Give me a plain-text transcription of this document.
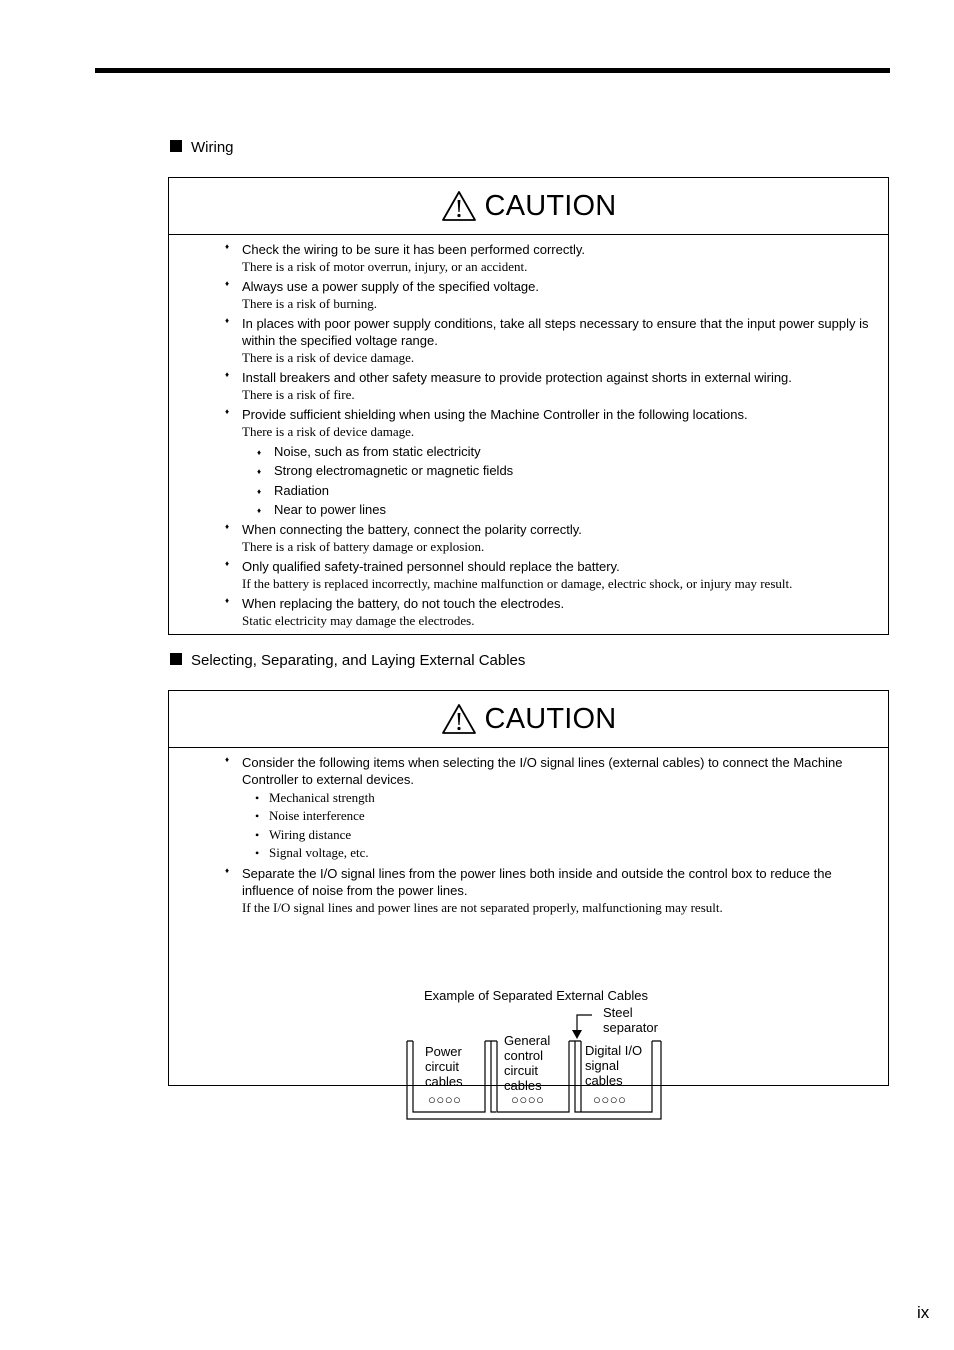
Wiring
CAUTION
♦ Check the wiring to be sure it has been performed correctly.
There is a risk of motor overrun, injury, or an accident.
♦ Always use a power supply of the specified voltage.
There is a risk of burning.
♦ In places with poor power supply conditions, take all steps necessary to ensure that the input power supply is within the specified voltage range.
There is a risk of device damage.
♦ Install breakers and other safety measure to provide protection against shorts in external wiring.
There is a risk of fire.
♦ Provide sufficient shielding when using the Machine Controller in the following locations.
There is a risk of device damage.
♦ Noise, such as from static electricity
♦ Strong electromagnetic or magnetic fields
♦ Radiation
♦ Near to power lines
♦ When connecting the battery, connect the polarity correctly.
There is a risk of battery damage or explosion.
♦ Only qualified safety-trained personnel should replace the battery.
If the battery is replaced incorrectly, machine malfunction or damage, electric shock, or injury may result.
♦ When replacing the battery, do not touch the electrodes.
Static electricity may damage the electrodes.
Selecting, Separating, and Laying External Cables
CAUTION
♦ Consider the following items when selecting the I/O signal lines (external cables) to connect the Machine Controller to external devices.
• Mechanical strength
• Noise interference
• Wiring distance
• Signal voltage, etc.
♦ Separate the I/O signal lines from the power lines both inside and outside the control box to reduce the influence of noise from the power lines.
If the I/O signal lines and power lines are not separated properly, malfunctioning may result.
Example of Separated External Cables
Steel separator
Power
circuit
cables
General
control
circuit
cables
Digital I/O
signal
cables
○○○○	○○○○	○○○○
ix
